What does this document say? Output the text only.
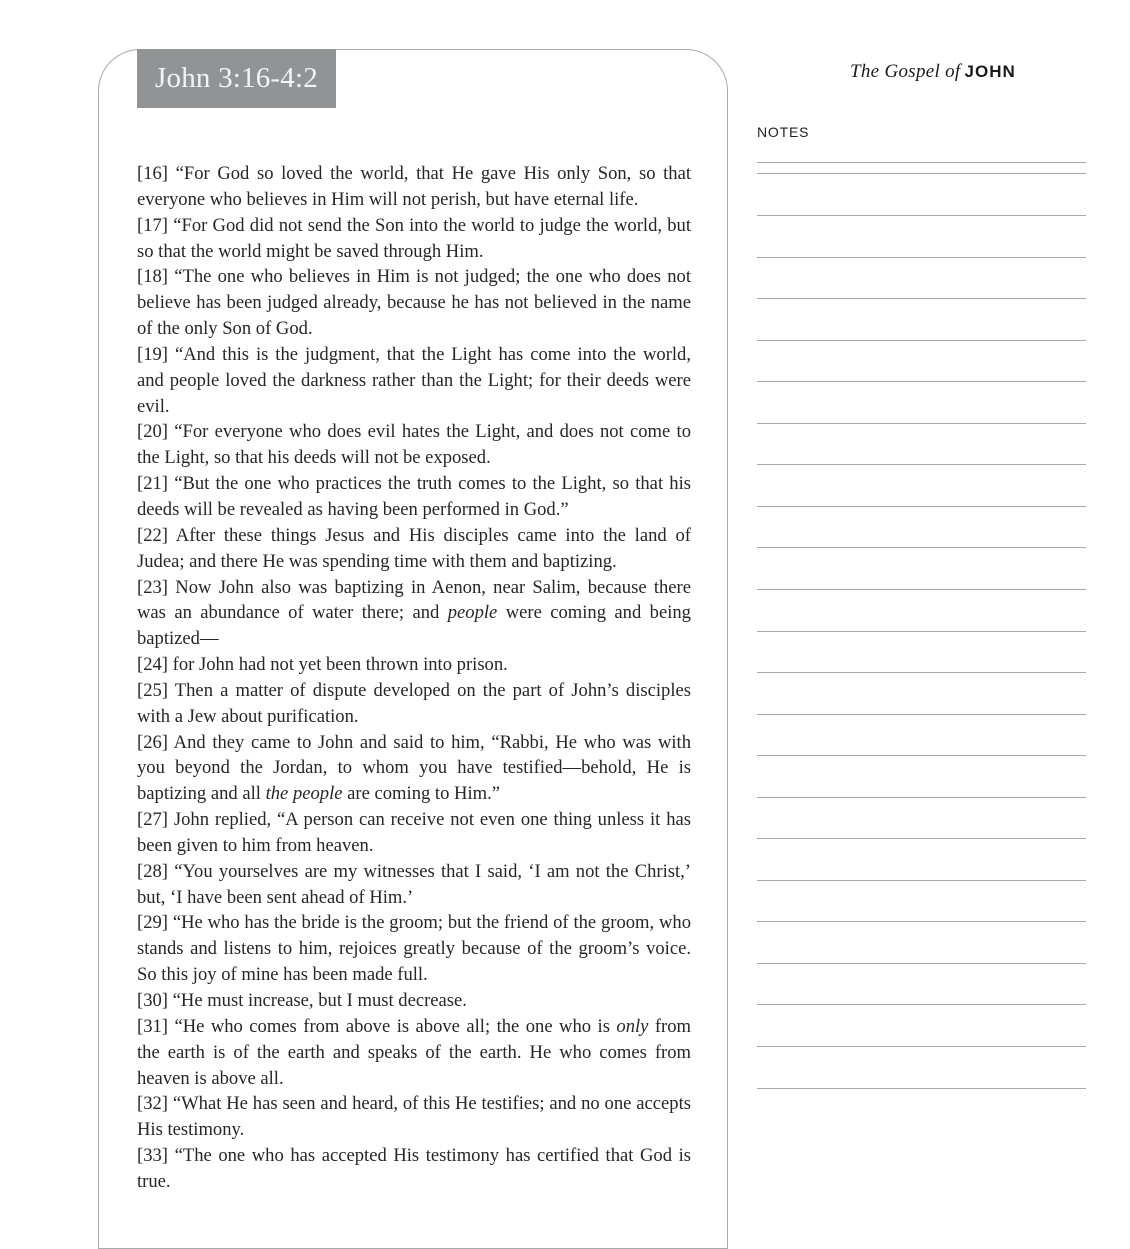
John 3:16-4:2
[16] “For God so loved the world, that He gave His only Son, so that everyone who believes in Him will not perish, but have eternal life.
[17] “For God did not send the Son into the world to judge the world, but so that the world might be saved through Him.
[18] “The one who believes in Him is not judged; the one who does not believe has been judged already, because he has not believed in the name of the only Son of God.
[19] “And this is the judgment, that the Light has come into the world, and people loved the darkness rather than the Light; for their deeds were evil.
[20] “For everyone who does evil hates the Light, and does not come to the Light, so that his deeds will not be exposed.
[21] “But the one who practices the truth comes to the Light, so that his deeds will be revealed as having been performed in God.”
[22] After these things Jesus and His disciples came into the land of Judea; and there He was spending time with them and baptizing.
[23] Now John also was baptizing in Aenon, near Salim, because there was an abundance of water there; and people were coming and being baptized—
[24] for John had not yet been thrown into prison.
[25] Then a matter of dispute developed on the part of John’s disciples with a Jew about purification.
[26] And they came to John and said to him, “Rabbi, He who was with you beyond the Jordan, to whom you have testified—behold, He is baptizing and all the people are coming to Him.”
[27] John replied, “A person can receive not even one thing unless it has been given to him from heaven.
[28] “You yourselves are my witnesses that I said, ‘I am not the Christ,’ but, ‘I have been sent ahead of Him.’
[29] “He who has the bride is the groom; but the friend of the groom, who stands and listens to him, rejoices greatly because of the groom’s voice. So this joy of mine has been made full.
[30] “He must increase, but I must decrease.
[31] “He who comes from above is above all; the one who is only from the earth is of the earth and speaks of the earth. He who comes from heaven is above all.
[32] “What He has seen and heard, of this He testifies; and no one accepts His testimony.
[33] “The one who has accepted His testimony has certified that God is true.
The Gospel of JOHN
NOTES
